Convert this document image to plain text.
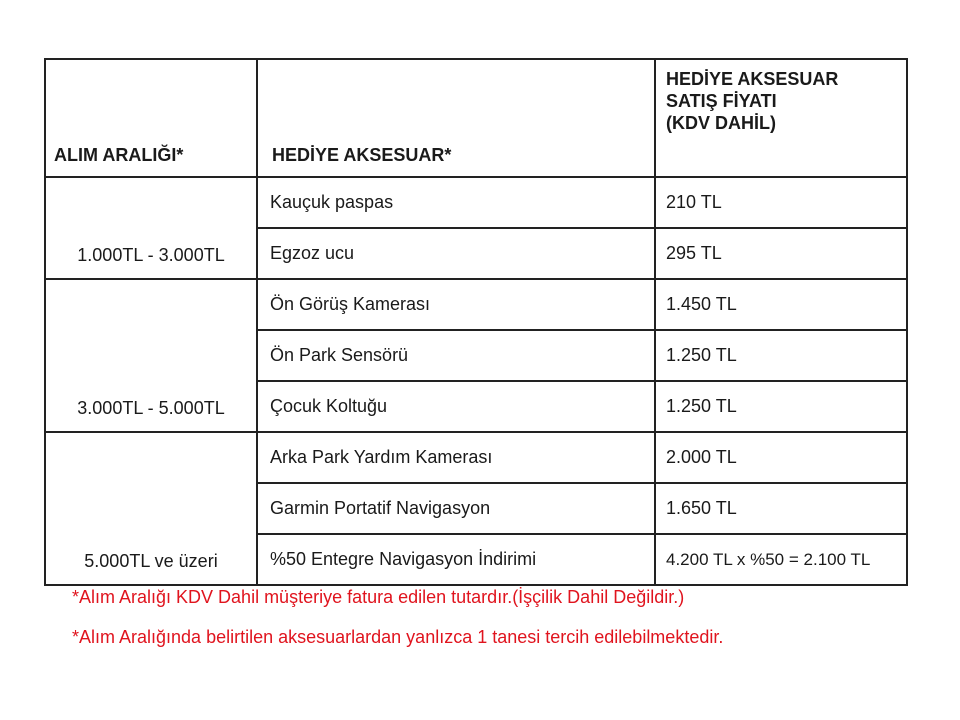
ALIM ARALIĞI*	HEDİYE AKSESUAR*	HEDİYE AKSESUAR
SATIŞ FİYATI
(KDV DAHİL)

1.000TL - 3.000TL	Kauçuk paspas	210 TL
	Egzoz ucu	295 TL
3.000TL - 5.000TL	Ön Görüş Kamerası	1.450 TL
	Ön Park Sensörü	1.250 TL
	Çocuk Koltuğu	1.250 TL
5.000TL ve üzeri	Arka Park Yardım Kamerası	2.000 TL
	Garmin Portatif Navigasyon	1.650 TL
	%50 Entegre Navigasyon İndirimi	4.200 TL x %50 = 2.100 TL
*Alım Aralığı KDV Dahil müşteriye fatura edilen tutardır.(İşçilik Dahil Değildir.)
*Alım Aralığında belirtilen aksesuarlardan yanlızca 1 tanesi tercih edilebilmektedir.
